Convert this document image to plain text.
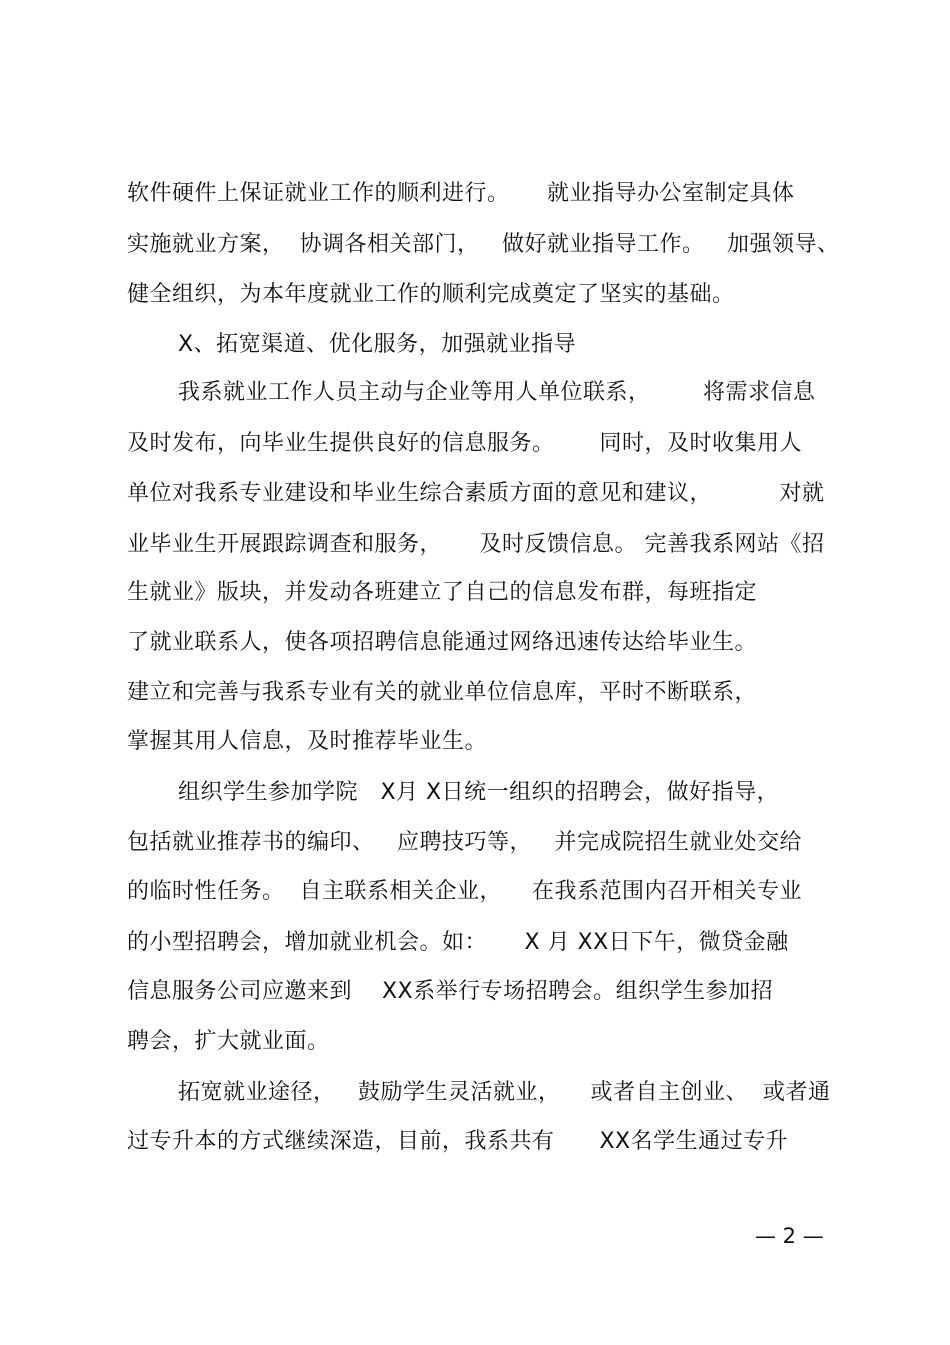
软件硬件上保证就业工作的顺利进行。     就业指导办公室制定具体
实施就业方案，  协调各相关部门，   做好就业指导工作。   加强领导、
健全组织，为本年度就业工作的顺利完成奠定了坚实的基础。
X、拓宽渠道、优化服务，加强就业指导
我系就业工作人员主动与企业等用人单位联系，       将需求信息
及时发布，向毕业生提供良好的信息服务。      同时，及时收集用人
单位对我系专业建设和毕业生综合素质方面的意见和建议，         对就
业毕业生开展跟踪调查和服务，     及时反馈信息。 完善我系网站《招
生就业》版块，并发动各班建立了自己的信息发布群，每班指定
了就业联系人，使各项招聘信息能通过网络迅速传达给毕业生。
建立和完善与我系专业有关的就业单位信息库，平时不断联系，
掌握其用人信息，及时推荐毕业生。
组织学生参加学院   X月 X日统一组织的招聘会，做好指导，
包括就业推荐书的编印、   应聘技巧等，   并完成院招生就业处交给
的临时性任务。  自主联系相关企业，    在我系范围内召开相关专业
的小型招聘会，增加就业机会。如：     X 月 XX日下午，微贷金融
信息服务公司应邀来到    XX系举行专场招聘会。组织学生参加招
聘会，扩大就业面。
拓宽就业途径，   鼓励学生灵活就业，    或者自主创业、  或者通
过专升本的方式继续深造，目前，我系共有      XX名学生通过专升
— 2 —
